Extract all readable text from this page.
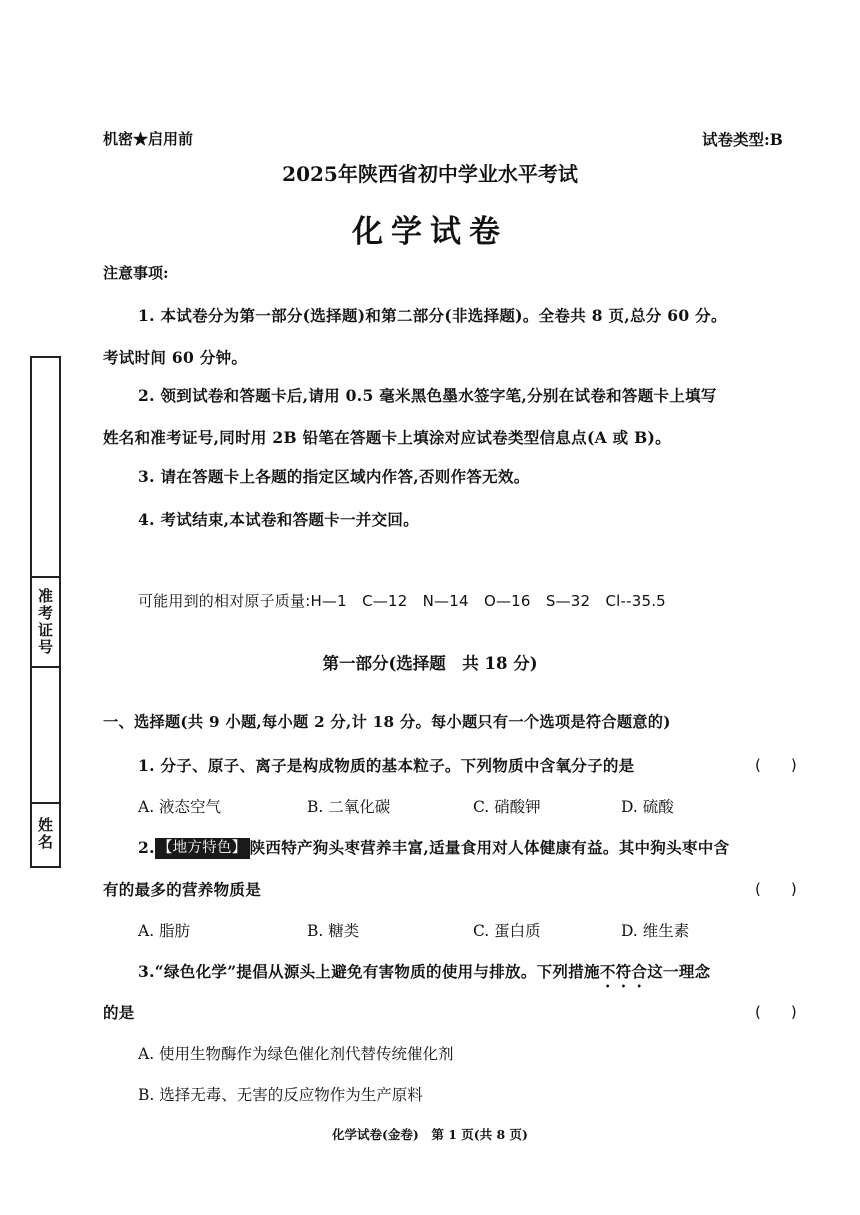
机密★启用前	试卷类型:B
2025年陕西省初中学业水平考试
化学试卷
注意事项:
1. 本试卷分为第一部分(选择题)和第二部分(非选择题)。全卷共 8 页,总分 60 分。
考试时间 60 分钟。
2. 领到试卷和答题卡后,请用 0.5 毫米黑色墨水签字笔,分别在试卷和答题卡上填写
姓名和准考证号,同时用 2B 铅笔在答题卡上填涂对应试卷类型信息点(A 或 B)。
3. 请在答题卡上各题的指定区域内作答,否则作答无效。
4. 考试结束,本试卷和答题卡一并交回。
准考证号
姓名
可能用到的相对原子质量:H—1　C—12　N—14　O—16　S—32　Cl--35.5
第一部分(选择题　共 18 分)
一、选择题(共 9 小题,每小题 2 分,计 18 分。每小题只有一个选项是符合题意的)
1. 分子、原子、离子是构成物质的基本粒子。下列物质中含氧分子的是	(　　)
A. 液态空气	B. 二氧化碳	C. 硝酸钾	D. 硫酸
2. 【地方特色】 陕西特产狗头枣营养丰富,适量食用对人体健康有益。其中狗头枣中含
有的最多的营养物质是	(　　)
A. 脂肪	B. 糖类	C. 蛋白质	D. 维生素
3.“绿色化学”提倡从源头上避免有害物质的使用与排放。下列措施不符合这一理念
的是	(　　)
A. 使用生物酶作为绿色催化剂代替传统催化剂
B. 选择无毒、无害的反应物作为生产原料
化学试卷(金卷)　第 1 页(共 8 页)
